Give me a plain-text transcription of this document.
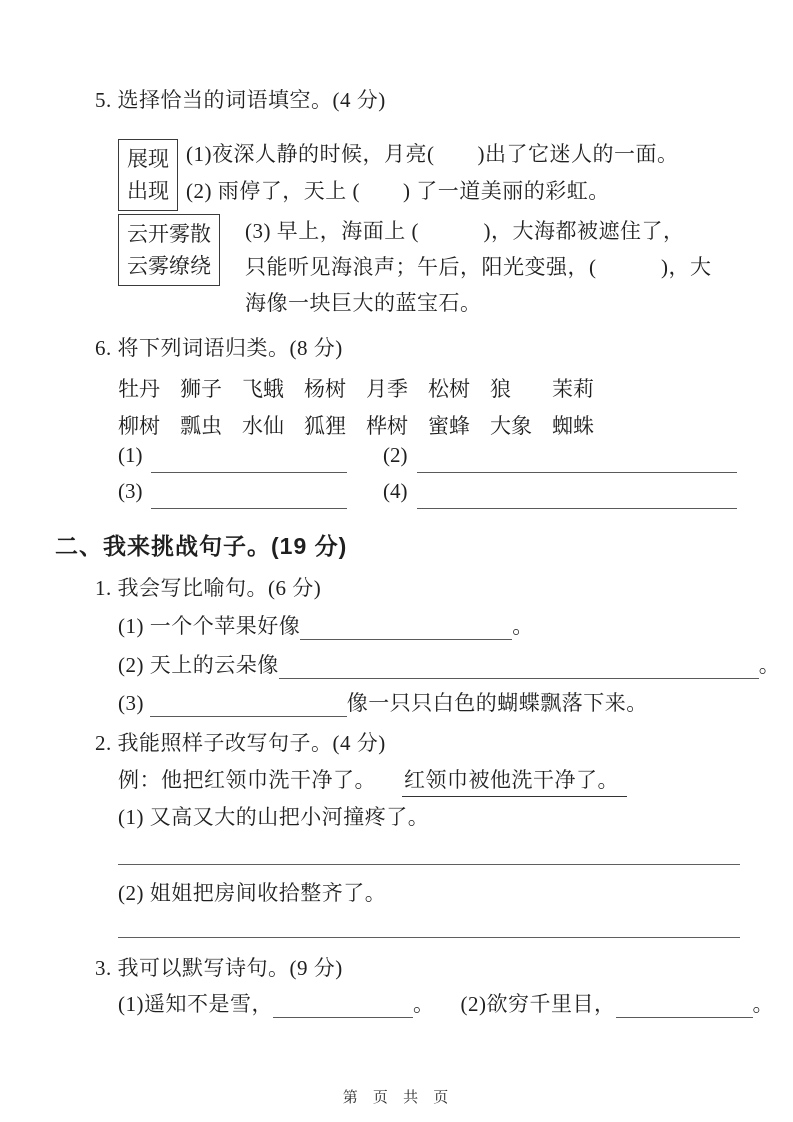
5. 选择恰当的词语填空。(4 分)
展现
出现
(1)夜深人静的时候，月亮(　　)出了它迷人的一面。
(2) 雨停了，天上 (　　) 了一道美丽的彩虹。
云开雾散
云雾缭绕
(3) 早上，海面上 (　　　)，大海都被遮住了，
只能听见海浪声；午后，阳光变强，(　　　)，大
海像一块巨大的蓝宝石。
6. 将下列词语归类。(8 分)
牡丹 狮子 飞蛾 杨树 月季 松树 狼	茉莉
柳树 瓢虫 水仙 狐狸 桦树 蜜蜂 大象 蜘蛛
(1)	(2)
(3)	(4)
二、我来挑战句子。(19 分)
1. 我会写比喻句。(6 分)
(1) 一个个苹果好像	。
(2) 天上的云朵像	。
(3)	像一只只白色的蝴蝶飘落下来。
2. 我能照样子改写句子。(4 分)
例：他把红领巾洗干净了。 红领巾被他洗干净了。
(1) 又高又大的山把小河撞疼了。
(2) 姐姐把房间收拾整齐了。
3. 我可以默写诗句。(9 分)
(1)遥知不是雪，	。 (2)欲穷千里目，	。
第 页 共 页
